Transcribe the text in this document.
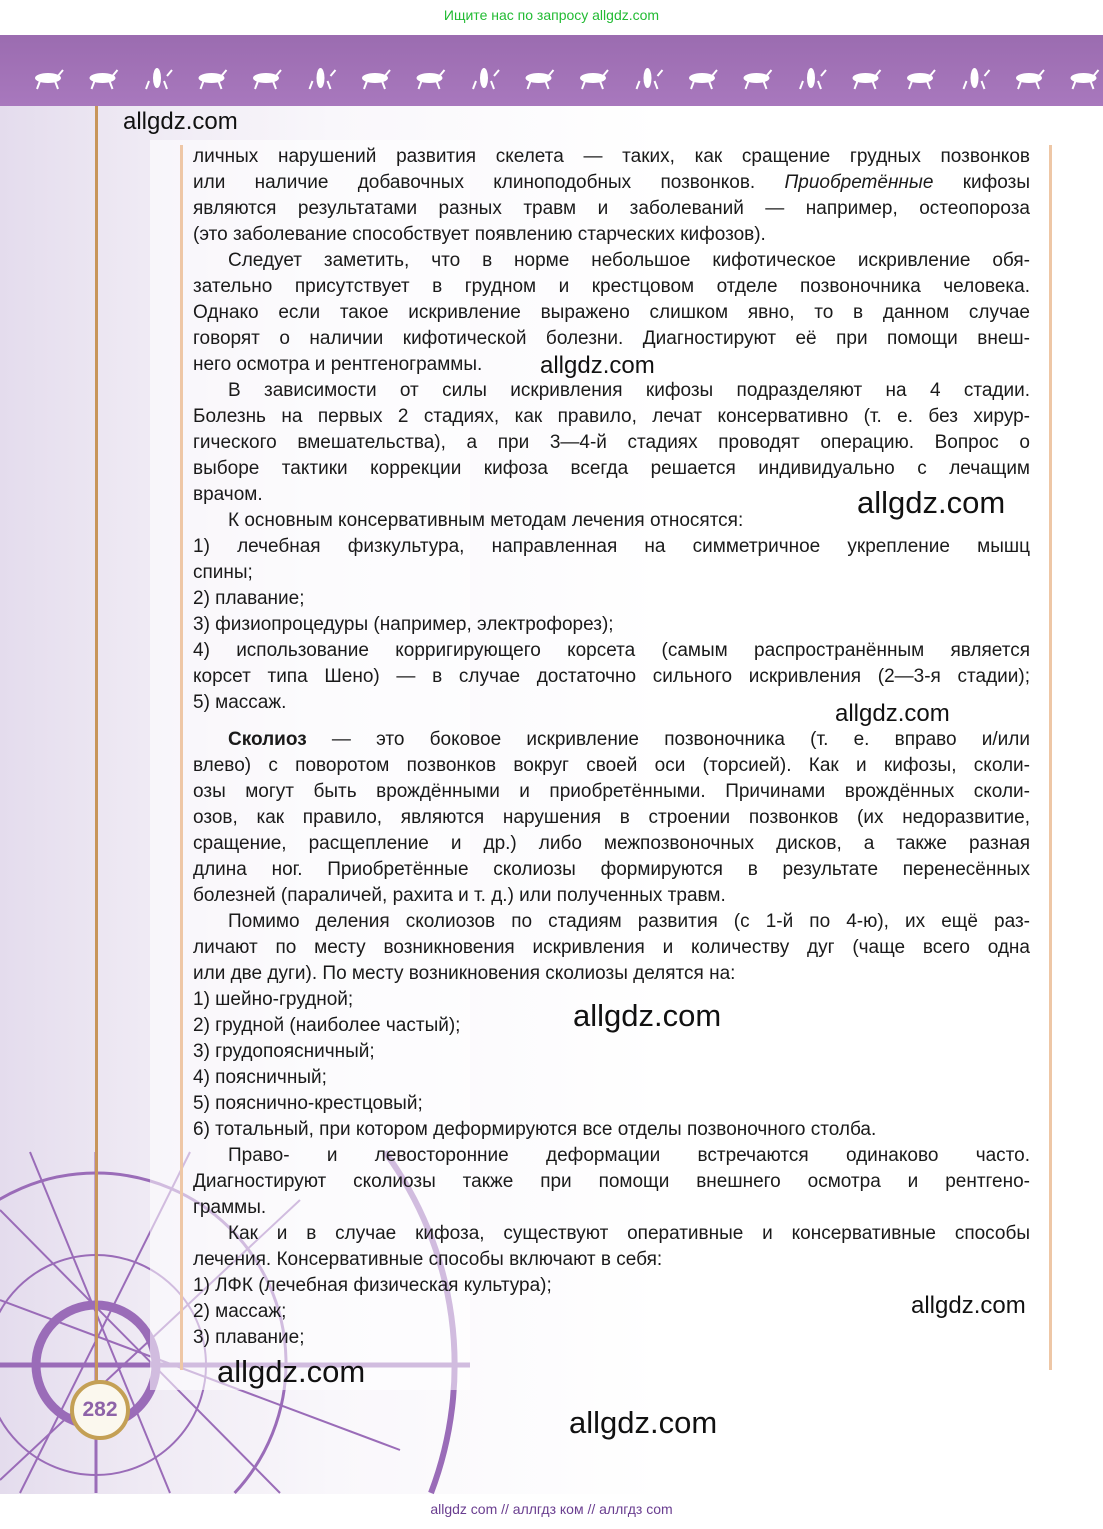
Ищите нас по запросу allgdz.com
282
личных нарушений развития скелета — таких, как сращение грудных позвонков
или наличие добавочных клиноподобных позвонков. Приобретённые кифозы
являются результатами разных травм и заболеваний — например, остеопороза
(это заболевание способствует появлению старческих кифозов).
Следует заметить, что в норме небольшое кифотическое искривление обя-
зательно присутствует в грудном и крестцовом отделе позвоночника человека.
Однако если такое искривление выражено слишком явно, то в данном случае
говорят о наличии кифотической болезни. Диагностируют её при помощи внеш-
него осмотра и рентгенограммы.
В зависимости от силы искривления кифозы подразделяют на 4 стадии.
Болезнь на первых 2 стадиях, как правило, лечат консервативно (т. е. без хирур-
гического вмешательства), а при 3—4-й стадиях проводят операцию. Вопрос о
выборе тактики коррекции кифоза всегда решается индивидуально с лечащим
врачом.
К основным консервативным методам лечения относятся:
1) лечебная физкультура, направленная на симметричное укрепление мышц
спины;
2) плавание;
3) физиопроцедуры (например, электрофорез);
4) использование корригирующего корсета (самым распространённым является
корсет типа Шено) — в случае достаточно сильного искривления (2—3-я стадии);
5) массаж.
Сколиоз — это боковое искривление позвоночника (т. е. вправо и/или
влево) с поворотом позвонков вокруг своей оси (торсией). Как и кифозы, сколи-
озы могут быть врождёнными и приобретёнными. Причинами врождённых сколи-
озов, как правило, являются нарушения в строении позвонков (их недоразвитие,
сращение, расщепление и др.) либо межпозвоночных дисков, а также разная
длина ног. Приобретённые сколиозы формируются в результате перенесённых
болезней (параличей, рахита и т. д.) или полученных травм.
Помимо деления сколиозов по стадиям развития (с 1-й по 4-ю), их ещё раз-
личают по месту возникновения искривления и количеству дуг (чаще всего одна
или две дуги). По месту возникновения сколиозы делятся на:
1) шейно-грудной;
2) грудной (наиболее частый);
3) грудопоясничный;
4) поясничный;
5) пояснично-крестцовый;
6) тотальный, при котором деформируются все отделы позвоночного столба.
Право- и левосторонние деформации встречаются одинаково часто.
Диагностируют сколиозы также при помощи внешнего осмотра и рентгено-
граммы.
Как и в случае кифоза, существуют оперативные и консервативные способы
лечения. Консервативные способы включают в себя:
1) ЛФК (лечебная физическая культура);
2) массаж;
3) плавание;
allgdz.com
allgdz.com
allgdz.com
allgdz.com
allgdz.com
allgdz.com
allgdz.com
allgdz.com
allgdz com // аллгдз ком // аллгдз com
